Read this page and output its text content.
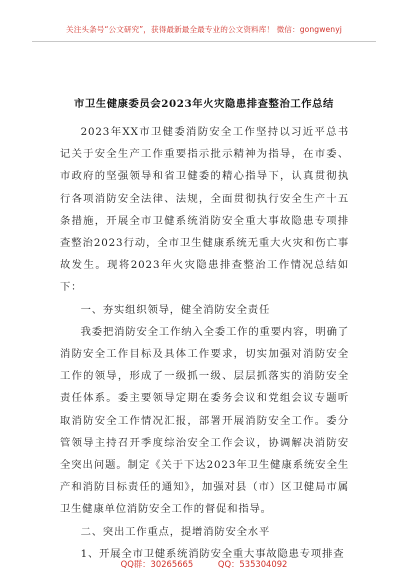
关注头条号“公文研究”，获得最新最全最专业的公文资料库！ 微信：gongwenyj
市卫生健康委员会2023年火灾隐患排查整治工作总结

2023年XX市卫健委消防安全工作坚持以习近平总书记关于安全生产工作重要指示批示精神为指导，在市委、市政府的坚强领导和省卫健委的精心指导下，认真贯彻执行各项消防安全法律、法规，全面贯彻执行安全生产十五条措施，开展全市卫健系统消防安全重大事故隐患专项排查整治2023行动，全市卫生健康系统无重大火灾和伤亡事故发生。现将2023年火灾隐患排查整治工作情况总结如下：

一、夯实组织领导，健全消防安全责任

我委把消防安全工作纳入全委工作的重要内容，明确了消防安全工作目标及具体工作要求，切实加强对消防安全工作的领导，形成了一级抓一级、层层抓落实的消防安全责任体系。委主要领导定期在委务会议和党组会议专题听取消防安全工作情况汇报，部署开展消防安全工作。委分管领导主持召开季度综治安全工作会议，协调解决消防安全突出问题。制定《关于下达2023年卫生健康系统安全生产和消防目标责任的通知》，加强对县（市）区卫健局市属卫生健康单位消防安全工作的督促和指导。

二、突出工作重点，提增消防安全水平

1、开展全市卫健系统消防安全重大事故隐患专项排查

QQ群：30265665	QQ：535304092
